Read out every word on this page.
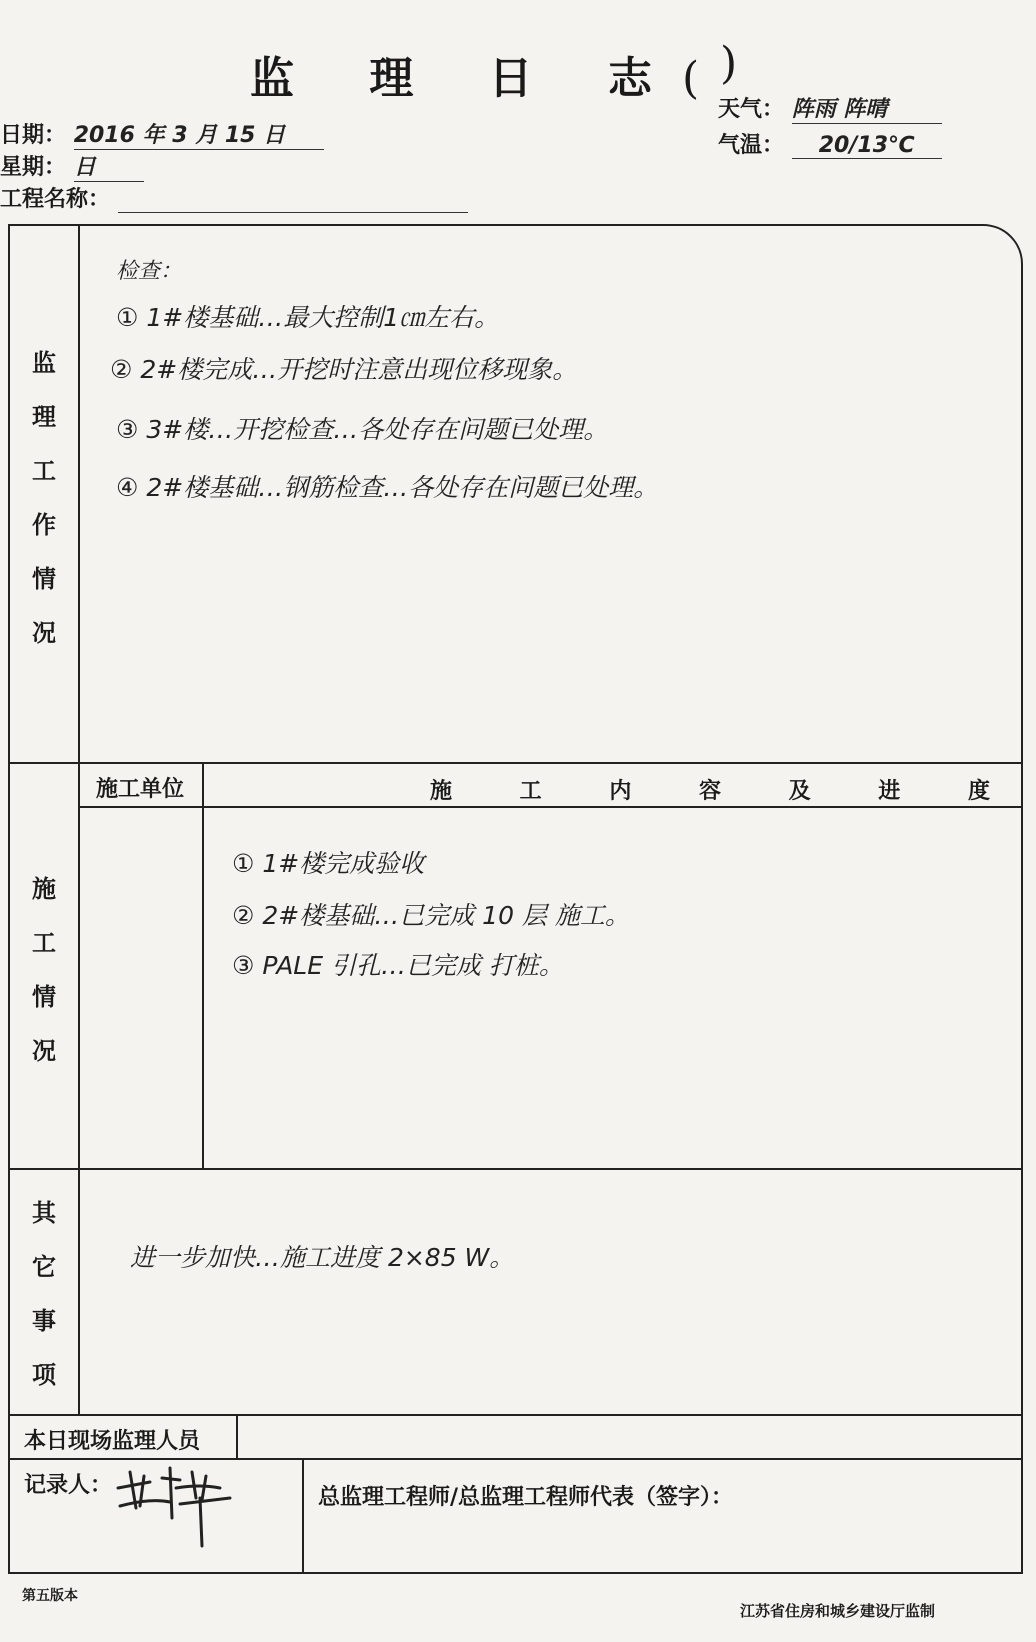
监 理 日 志( )
日期： 2016 年 3 月 15 日
星期： 日
工程名称：
天气： 阵雨 阵晴
气温： 20/13℃
监
理
工
作
情
况
检查：
① 1#楼基础…最大控制1㎝左右。
② 2#楼完成…开挖时注意出现位移现象。
③ 3#楼…开挖检查…各处存在问题已处理。
④ 2#楼基础…钢筋检查…各处存在问题已处理。
施工单位	施 工 内 容 及 进 度
施
工
情
况
① 1#楼完成验收
② 2#楼基础…已完成 10 层 施工。
③ PALE 引孔…已完成 打桩。
其
它
事
项
进一步加快…施工进度 2×85 W。
本日现场监理人员
记录人：	总监理工程师/总监理工程师代表（签字）：
第五版本
江苏省住房和城乡建设厅监制
